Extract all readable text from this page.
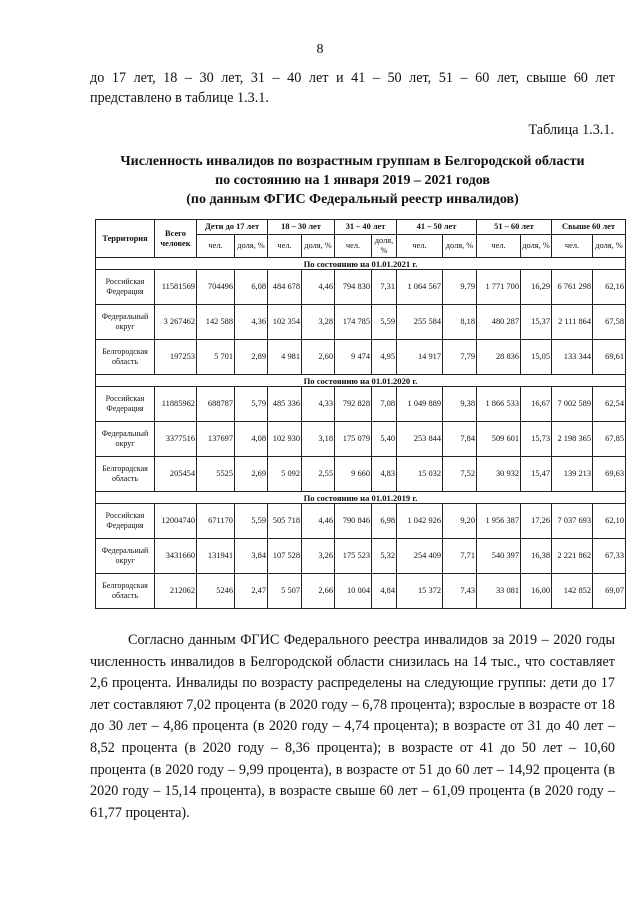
8
до 17 лет, 18 – 30 лет, 31 – 40 лет и 41 – 50 лет, 51 – 60 лет, свыше 60 лет
представлено в таблице 1.3.1.
Таблица 1.3.1.
Численность инвалидов по возрастным группам в Белгородской области
по состоянию на 1 января 2019 – 2021 годов
(по данным ФГИС Федеральный реестр инвалидов)
Территория	Всего человек	Дети до 17 лет		18 – 30 лет		31 – 40 лет		41 – 50 лет		51 – 60 лет		Свыше 60 лет	
		чел.	доля, %	чел.	доля, %	чел.	доля, %	чел.	доля, %	чел.	доля, %	чел.	доля, %
По состоянию на 01.01.2021 г.													
Российская Федерация	11581569	704496	6,08	484 678	4,46	794 830	7,31	1 064 567	9,79	1 771 700	16,29	6 761 298	62,16
Федеральный округ	3 267462	142 588	4,36	102 354	3,28	174 785	5,59	255 584	8,18	480 287	15,37	2 111 864	67,58
Белгородская область	197253	5 701	2,89	4 981	2,60	9 474	4,95	14 917	7,79	28 836	15,05	133 344	69,61
По состоянию на 01.01.2020 г.													
Российская Федерация	11885962	688787	5,79	485 336	4,33	792 828	7,08	1 049 889	9,38	1 866 533	16,67	7 002 589	62,54
Федеральный округ	3377516	137697	4,08	102 930	3,18	175 079	5,40	253 844	7,84	509 601	15,73	2 198 365	67,85
Белгородская область	205454	5525	2,69	5 092	2,55	9 660	4,83	15 032	7,52	30 932	15,47	139 213	69,63
По состоянию на 01.01.2019 г.													
Российская Федерация	12004740	671170	5,59	505 718	4,46	790 846	6,98	1 042 926	9,20	1 956 387	17,26	7 037 693	62,10
Федеральный округ	3431660	131941	3,84	107 528	3,26	175 523	5,32	254 409	7,71	540 397	16,38	2 221 862	67,33
Белгородская область	212062	5246	2,47	5 507	2,66	10 004	4,84	15 372	7,43	33 081	16,00	142 852	69,07

Согласно данным ФГИС Федерального реестра инвалидов за 2019 – 2020 годы численность инвалидов в Белгородской области снизилась на 14 тыс., что составляет 2,6 процента. Инвалиды по возрасту распределены на следующие группы: дети до 17 лет составляют 7,02 процента (в 2020 году – 6,78 процента); взрослые в возрасте от 18 до 30 лет – 4,86 процента (в 2020 году – 4,74 процента); в возрасте от 31 до 40 лет – 8,52 процента (в 2020 году – 8,36 процента); в возрасте от 41 до 50 лет – 10,60 процента (в 2020 году – 9,99 процента), в возрасте от 51 до 60 лет – 14,92 процента (в 2020 году – 15,14 процента), в возрасте свыше 60 лет – 61,09 процента (в 2020 году – 61,77 процента).
